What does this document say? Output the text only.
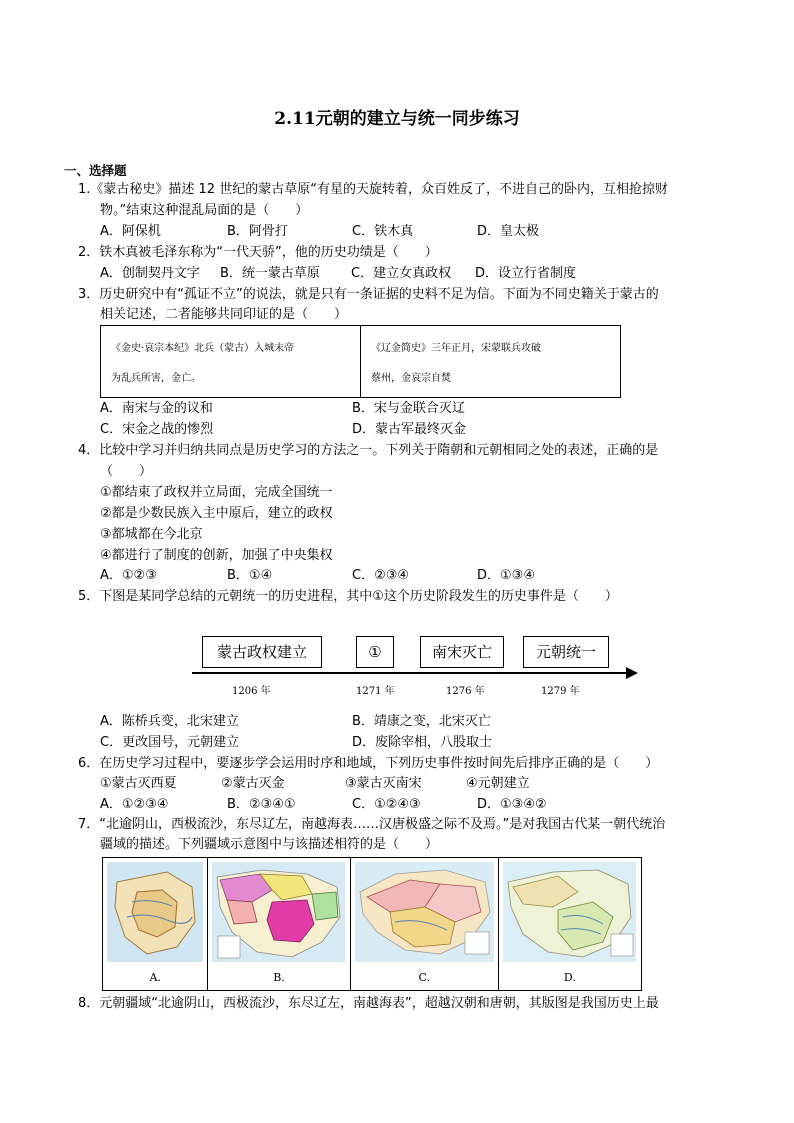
2.11元朝的建立与统一同步练习
一、选择题
1.《蒙古秘史》描述 12 世纪的蒙古草原“有星的天旋转着，众百姓反了，不进自己的卧内，互相抢掠财
物。”结束这种混乱局面的是（　　）
A．阿保机	B．阿骨打	C．铁木真	D．皇太极
2．铁木真被毛泽东称为“一代天骄”，他的历史功绩是（　　）
A．创制契丹文字 B．统一蒙古草原 C．建立女真政权 D．设立行省制度
3．历史研究中有“孤证不立”的说法，就是只有一条证据的史料不足为信。下面为不同史籍关于蒙古的
相关记述，二者能够共同印证的是（　　）
《金史·哀宗本纪》北兵（蒙古）入城末帝
为乱兵所害，金亡。
《辽金简史》三年正月，宋蒙联兵攻破
蔡州，金哀宗自焚
A．南宋与金的议和	B．宋与金联合灭辽
C．宋金之战的惨烈	D．蒙古军最终灭金
4．比较中学习并归纳共同点是历史学习的方法之一。下列关于隋朝和元朝相同之处的表述，正确的是
（　　）
①都结束了政权并立局面，完成全国统一
②都是少数民族入主中原后，建立的政权
③都城都在今北京
④都进行了制度的创新，加强了中央集权
A．①②③	B．①④	C．②③④	D．①③④
5．下图是某同学总结的元朝统一的历史进程，其中①这个历史阶段发生的历史事件是（　　）
蒙古政权建立	①	南宋灭亡	元朝统一
1206 年	1271 年	1276 年	1279 年
A．陈桥兵变，北宋建立	B．靖康之变，北宋灭亡
C．更改国号，元朝建立	D．废除宰相，八股取士
6．在历史学习过程中，要逐步学会运用时序和地域，下列历史事件按时间先后排序正确的是（　　）
①蒙古灭西夏	②蒙古灭金	③蒙古灭南宋	④元朝建立
A．①②③④	B．②③④①	C．①②④③	D．①③④②
7．“北逾阴山，西极流沙，东尽辽左，南越海表……汉唐极盛之际不及焉。”是对我国古代某一朝代统治
疆域的描述。下列疆域示意图中与该描述相符的是（　　）
A.	B.	C.	D.
8．元朝疆域“北逾阴山，西极流沙，东尽辽左，南越海表”，超越汉朝和唐朝，其版图是我国历史上最
